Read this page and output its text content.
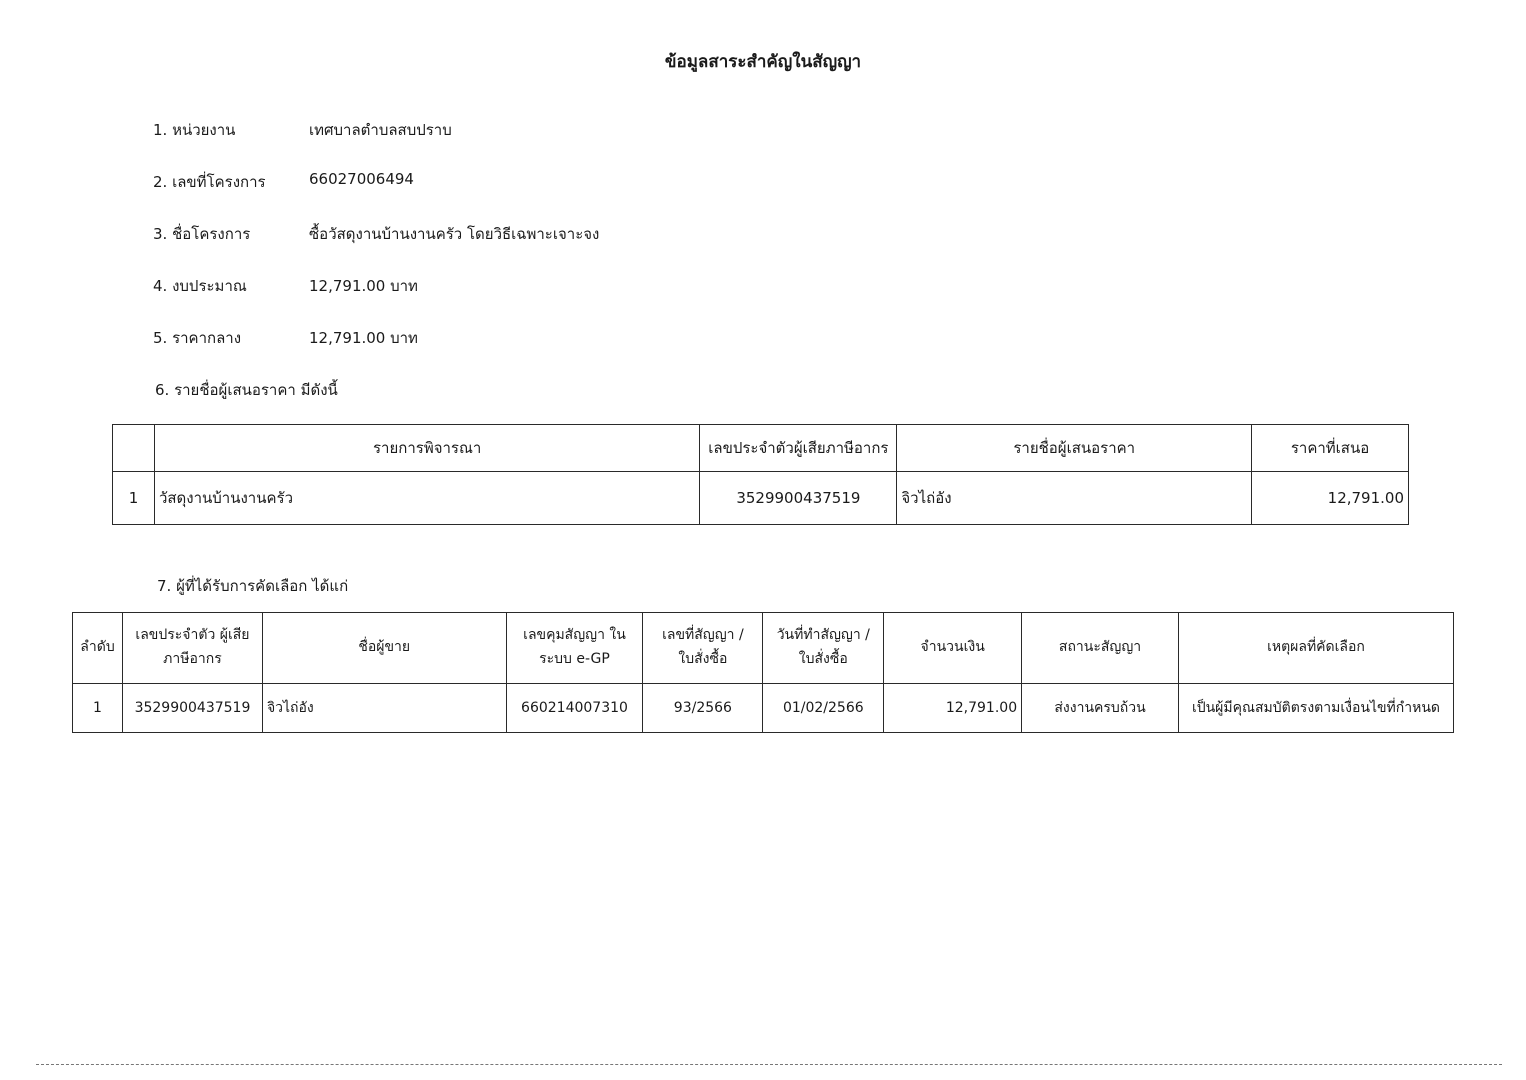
ข้อมูลสาระสำคัญในสัญญา
1. หน่วยงาน	เทศบาลตำบลสบปราบ
2. เลขที่โครงการ	66027006494
3. ชื่อโครงการ	ซื้อวัสดุงานบ้านงานครัว โดยวิธีเฉพาะเจาะจง
4. งบประมาณ	12,791.00 บาท
5. ราคากลาง	12,791.00 บาท
6. รายชื่อผู้เสนอราคา มีดังนี้
	รายการพิจารณา	เลขประจำตัวผู้เสียภาษีอากร	รายชื่อผู้เสนอราคา	ราคาที่เสนอ
1	วัสดุงานบ้านงานครัว	3529900437519	จิวไถ่อัง	12,791.00
7. ผู้ที่ได้รับการคัดเลือก ได้แก่
ลำดับ	เลขประจำตัว ผู้เสียภาษีอากร	ชื่อผู้ขาย	เลขคุมสัญญา ในระบบ e-GP	เลขที่สัญญา / ใบสั่งซื้อ	วันที่ทำสัญญา / ใบสั่งซื้อ	จำนวนเงิน	สถานะสัญญา	เหตุผลที่คัดเลือก
1	3529900437519	จิวไถ่อัง	660214007310	93/2566	01/02/2566	12,791.00	ส่งงานครบถ้วน	เป็นผู้มีคุณสมบัติตรงตามเงื่อนไขที่กำหนด
